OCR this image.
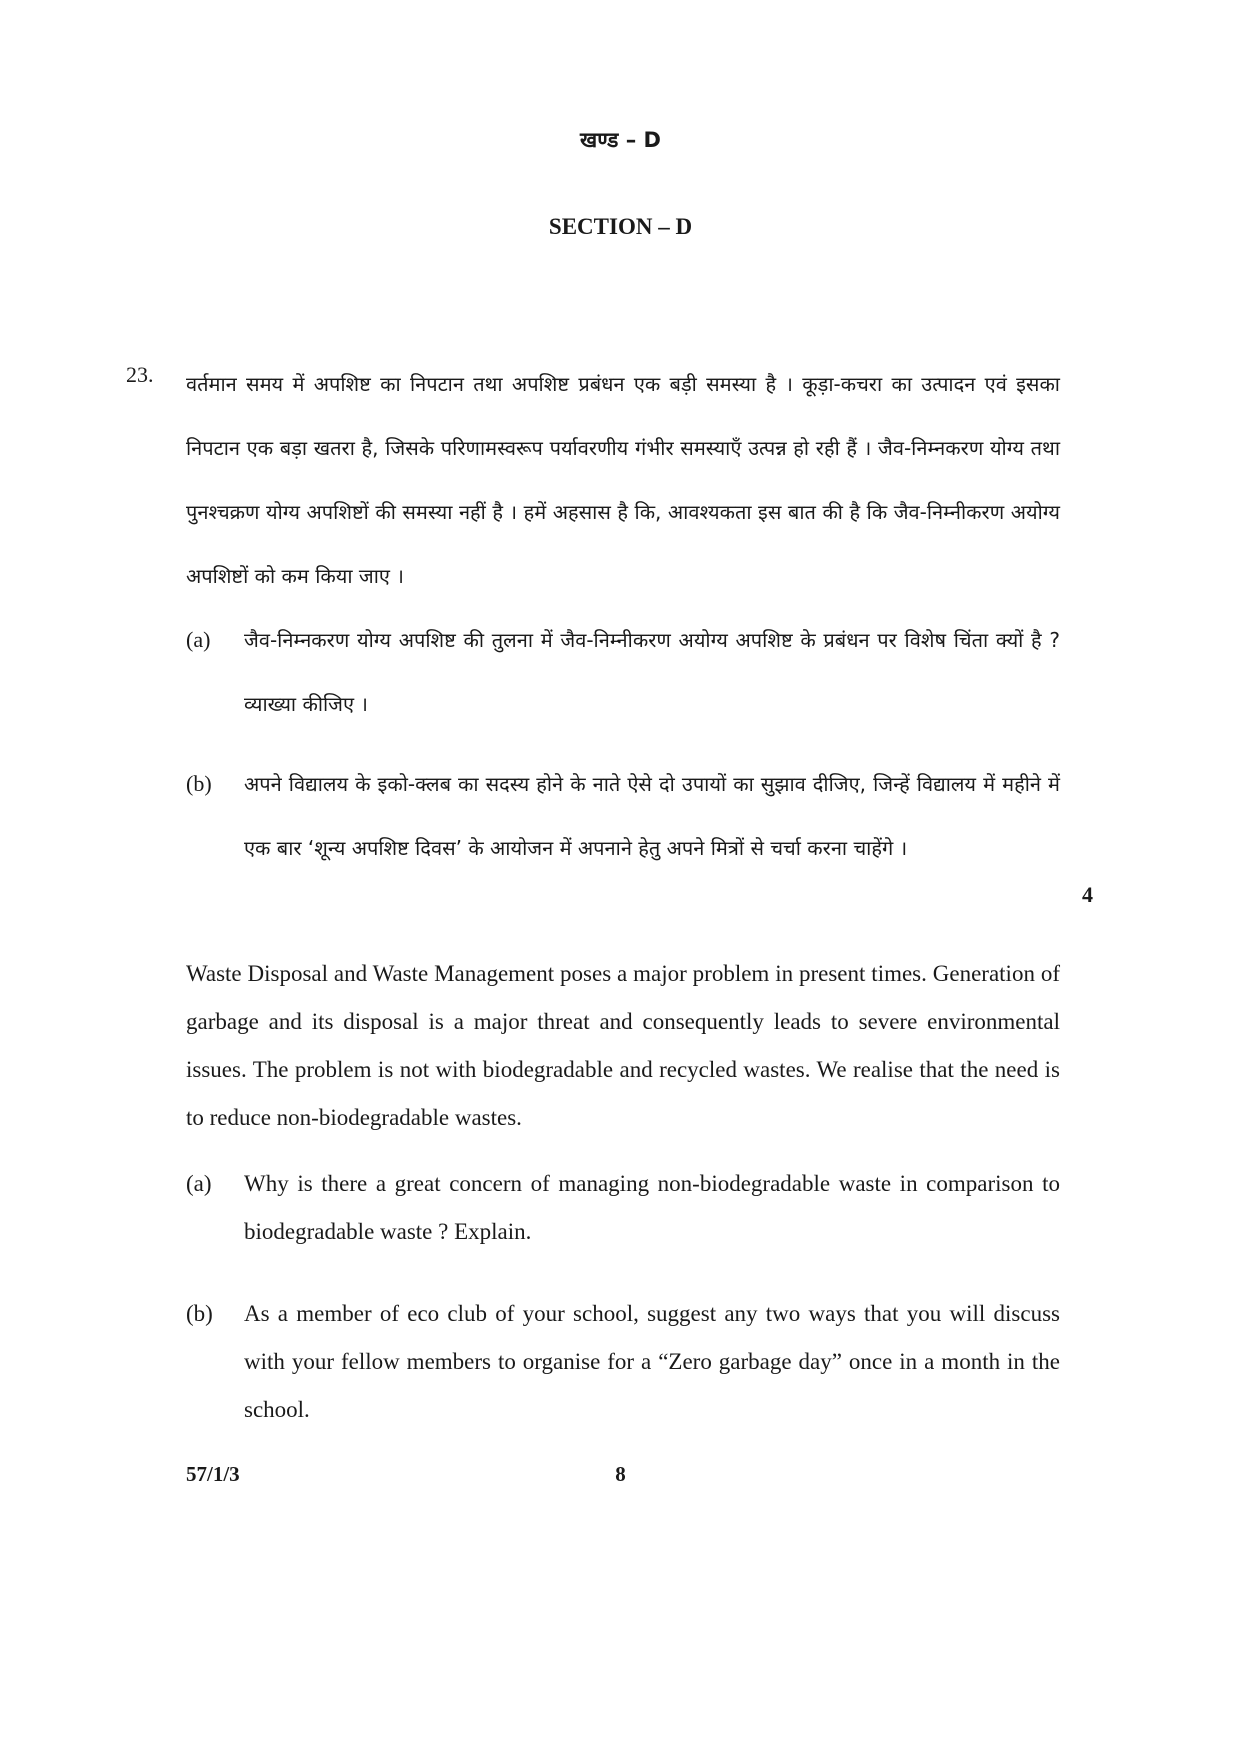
खण्ड – D
SECTION – D
23. वर्तमान समय में अपशिष्ट का निपटान तथा अपशिष्ट प्रबंधन एक बड़ी समस्या है । कूड़ा-कचरा का उत्पादन एवं इसका निपटान एक बड़ा खतरा है, जिसके परिणामस्वरूप पर्यावरणीय गंभीर समस्याएँ उत्पन्न हो रही हैं । जैव-निम्नकरण योग्य तथा पुनश्चक्रण योग्य अपशिष्टों की समस्या नहीं है । हमें अहसास है कि, आवश्यकता इस बात की है कि जैव-निम्नीकरण अयोग्य अपशिष्टों को कम किया जाए ।
(a) जैव-निम्नकरण योग्य अपशिष्ट की तुलना में जैव-निम्नीकरण अयोग्य अपशिष्ट के प्रबंधन पर विशेष चिंता क्यों है ? व्याख्या कीजिए ।
(b) अपने विद्यालय के इको-क्लब का सदस्य होने के नाते ऐसे दो उपायों का सुझाव दीजिए, जिन्हें विद्यालय में महीने में एक बार ‘शून्य अपशिष्ट दिवस’ के आयोजन में अपनाने हेतु अपने मित्रों से चर्चा करना चाहेंगे ।
4
Waste Disposal and Waste Management poses a major problem in present times. Generation of garbage and its disposal is a major threat and consequently leads to severe environmental issues. The problem is not with biodegradable and recycled wastes. We realise that the need is to reduce non-biodegradable wastes.
(a) Why is there a great concern of managing non-biodegradable waste in comparison to biodegradable waste ? Explain.
(b) As a member of eco club of your school, suggest any two ways that you will discuss with your fellow members to organise for a “Zero garbage day” once in a month in the school.
57/1/3	8
